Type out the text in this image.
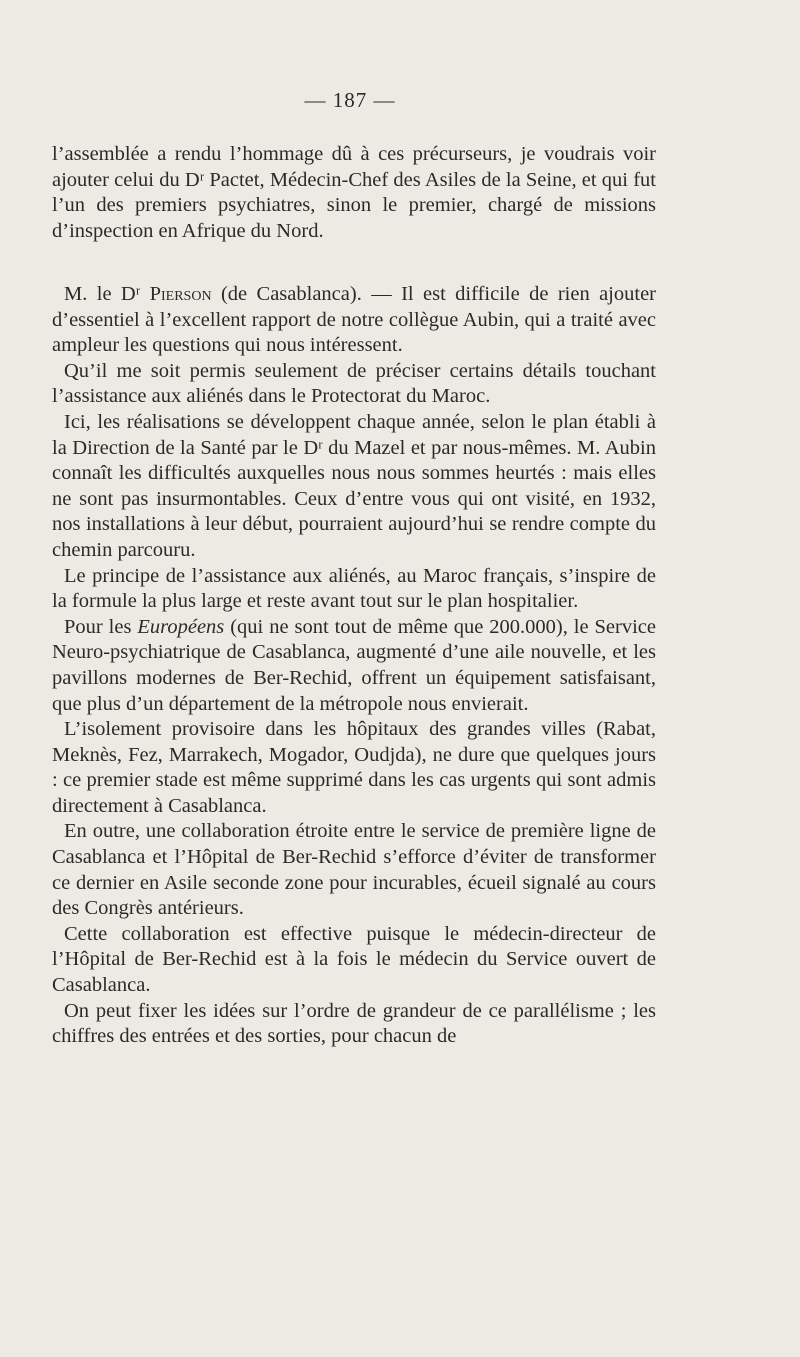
— 187 —

l’assemblée a rendu l’hommage dû à ces précurseurs, je voudrais voir ajouter celui du Dʳ Pactet, Médecin-Chef des Asiles de la Seine, et qui fut l’un des premiers psychiatres, sinon le premier, chargé de missions d’inspection en Afrique du Nord.

M. le Dʳ Pierson (de Casablanca). — Il est difficile de rien ajouter d’essentiel à l’excellent rapport de notre collègue Aubin, qui a traité avec ampleur les questions qui nous intéressent.

Qu’il me soit permis seulement de préciser certains détails touchant l’assistance aux aliénés dans le Protectorat du Maroc.

Ici, les réalisations se développent chaque année, selon le plan établi à la Direction de la Santé par le Dʳ du Mazel et par nous-mêmes. M. Aubin connaît les difficultés auxquelles nous nous sommes heurtés : mais elles ne sont pas insurmontables. Ceux d’entre vous qui ont visité, en 1932, nos installations à leur début, pourraient aujourd’hui se rendre compte du chemin parcouru.

Le principe de l’assistance aux aliénés, au Maroc français, s’inspire de la formule la plus large et reste avant tout sur le plan hospitalier.

Pour les Européens (qui ne sont tout de même que 200.000), le Service Neuro-psychiatrique de Casablanca, augmenté d’une aile nouvelle, et les pavillons modernes de Ber-Rechid, offrent un équipement satisfaisant, que plus d’un département de la métropole nous envierait.

L’isolement provisoire dans les hôpitaux des grandes villes (Rabat, Meknès, Fez, Marrakech, Mogador, Oudjda), ne dure que quelques jours : ce premier stade est même supprimé dans les cas urgents qui sont admis directement à Casablanca.

En outre, une collaboration étroite entre le service de première ligne de Casablanca et l’Hôpital de Ber-Rechid s’efforce d’éviter de transformer ce dernier en Asile seconde zone pour incurables, écueil signalé au cours des Congrès antérieurs.

Cette collaboration est effective puisque le médecin-directeur de l’Hôpital de Ber-Rechid est à la fois le médecin du Service ouvert de Casablanca.

On peut fixer les idées sur l’ordre de grandeur de ce parallélisme ; les chiffres des entrées et des sorties, pour chacun de
